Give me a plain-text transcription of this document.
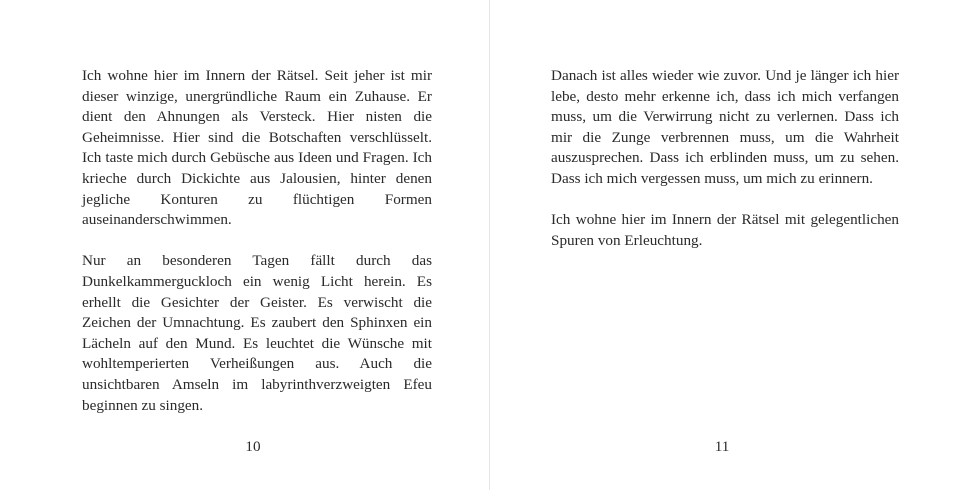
Ich wohne hier im Innern der Rätsel. Seit jeher ist mir dieser winzige, unergründliche Raum ein Zuhause. Er dient den Ahnungen als Versteck. Hier nisten die Geheimnisse. Hier sind die Botschaften verschlüsselt. Ich taste mich durch Gebüsche aus Ideen und Fragen. Ich krieche durch Dickichte aus Jalousien, hinter denen jegliche Konturen zu flüchtigen Formen auseinanderschwimmen.

Nur an besonderen Tagen fällt durch das Dunkelkammerguckloch ein wenig Licht herein. Es erhellt die Gesichter der Geister. Es verwischt die Zeichen der Umnachtung. Es zaubert den Sphinxen ein Lächeln auf den Mund. Es leuchtet die Wünsche mit wohltemperierten Verheißungen aus. Auch die unsichtbaren Amseln im labyrinthverzweigten Efeu beginnen zu singen.

10

Danach ist alles wieder wie zuvor. Und je länger ich hier lebe, desto mehr erkenne ich, dass ich mich verfangen muss, um die Verwirrung nicht zu verlernen. Dass ich mir die Zunge verbrennen muss, um die Wahrheit auszusprechen. Dass ich erblinden muss, um zu sehen. Dass ich mich vergessen muss, um mich zu erinnern.

Ich wohne hier im Innern der Rätsel mit gelegentlichen Spuren von Erleuchtung.

11
